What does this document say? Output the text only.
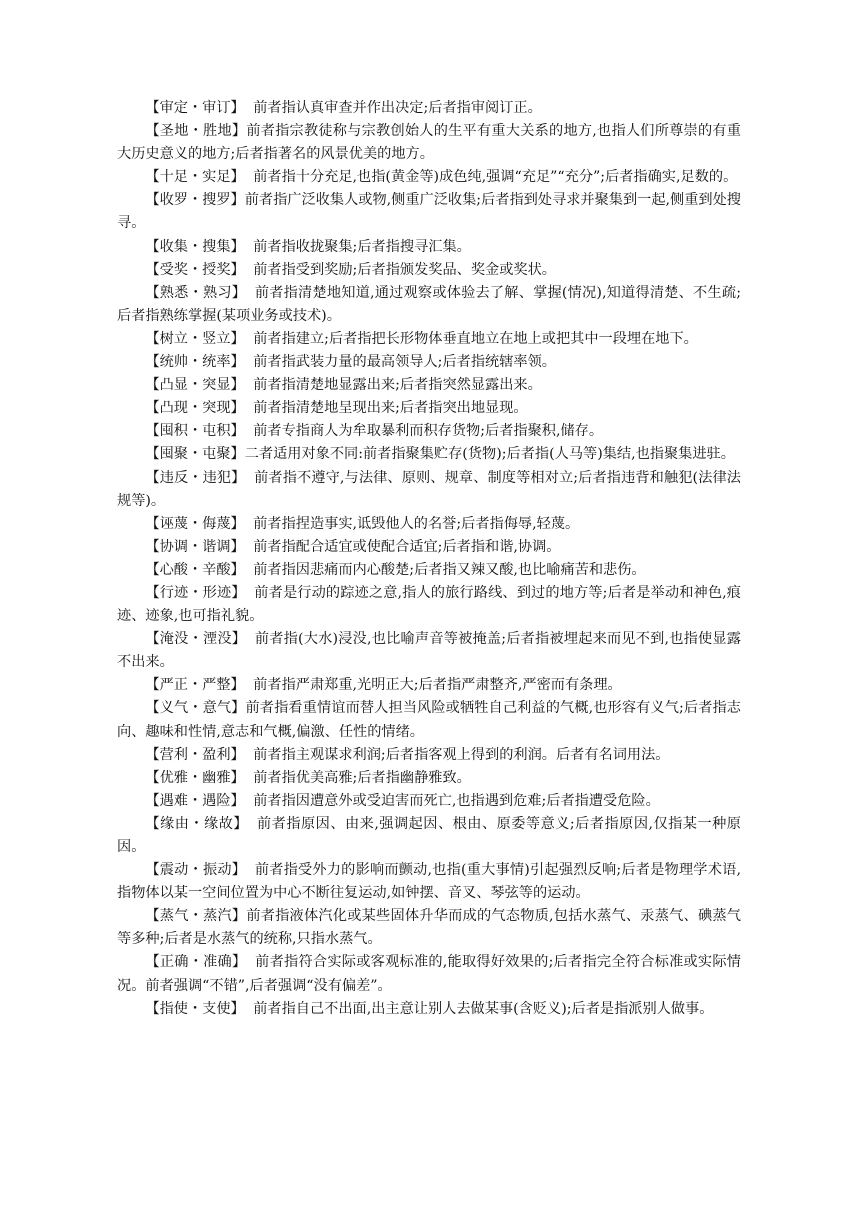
【审定・审订】 前者指认真审查并作出决定;后者指审阅订正。

【圣地・胜地】前者指宗教徒称与宗教创始人的生平有重大关系的地方,也指人们所尊崇的有重大历史意义的地方;后者指著名的风景优美的地方。

【十足・实足】 前者指十分充足,也指(黄金等)成色纯,强调“充足”“充分”;后者指确实,足数的。

【收罗・搜罗】前者指广泛收集人或物,侧重广泛收集;后者指到处寻求并聚集到一起,侧重到处搜寻。

【收集・搜集】 前者指收拢聚集;后者指搜寻汇集。

【受奖・授奖】 前者指受到奖励;后者指颁发奖品、奖金或奖状。

【熟悉・熟习】 前者指清楚地知道,通过观察或体验去了解、掌握(情况),知道得清楚、不生疏;后者指熟练掌握(某项业务或技术)。

【树立・竖立】 前者指建立;后者指把长形物体垂直地立在地上或把其中一段埋在地下。

【统帅・统率】 前者指武装力量的最高领导人;后者指统辖率领。

【凸显・突显】 前者指清楚地显露出来;后者指突然显露出来。

【凸现・突现】 前者指清楚地呈现出来;后者指突出地显现。

【囤积・屯积】 前者专指商人为牟取暴利而积存货物;后者指聚积,储存。

【囤聚・屯聚】二者适用对象不同:前者指聚集贮存(货物);后者指(人马等)集结,也指聚集进驻。

【违反・违犯】 前者指不遵守,与法律、原则、规章、制度等相对立;后者指违背和触犯(法律法规等)。

【诬蔑・侮蔑】 前者指捏造事实,诋毁他人的名誉;后者指侮辱,轻蔑。

【协调・谐调】 前者指配合适宜或使配合适宜;后者指和谐,协调。

【心酸・辛酸】 前者指因悲痛而内心酸楚;后者指又辣又酸,也比喻痛苦和悲伤。

【行迹・形迹】 前者是行动的踪迹之意,指人的旅行路线、到过的地方等;后者是举动和神色,痕迹、迹象,也可指礼貌。

【淹没・湮没】 前者指(大水)浸没,也比喻声音等被掩盖;后者指被埋起来而见不到,也指使显露不出来。

【严正・严整】 前者指严肃郑重,光明正大;后者指严肃整齐,严密而有条理。

【义气・意气】前者指看重情谊而替人担当风险或牺牲自己利益的气概,也形容有义气;后者指志向、趣味和性情,意志和气概,偏激、任性的情绪。

【营利・盈利】 前者指主观谋求利润;后者指客观上得到的利润。后者有名词用法。

【优雅・幽雅】 前者指优美高雅;后者指幽静雅致。

【遇难・遇险】 前者指因遭意外或受迫害而死亡,也指遇到危难;后者指遭受危险。

【缘由・缘故】 前者指原因、由来,强调起因、根由、原委等意义;后者指原因,仅指某一种原因。

【震动・振动】 前者指受外力的影响而颤动,也指(重大事情)引起强烈反响;后者是物理学术语,指物体以某一空间位置为中心不断往复运动,如钟摆、音叉、琴弦等的运动。

【蒸气・蒸汽】前者指液体汽化或某些固体升华而成的气态物质,包括水蒸气、汞蒸气、碘蒸气等多种;后者是水蒸气的统称,只指水蒸气。

【正确・准确】 前者指符合实际或客观标准的,能取得好效果的;后者指完全符合标准或实际情况。前者强调“不错”,后者强调“没有偏差”。

【指使・支使】 前者指自己不出面,出主意让别人去做某事(含贬义);后者是指派别人做事。
